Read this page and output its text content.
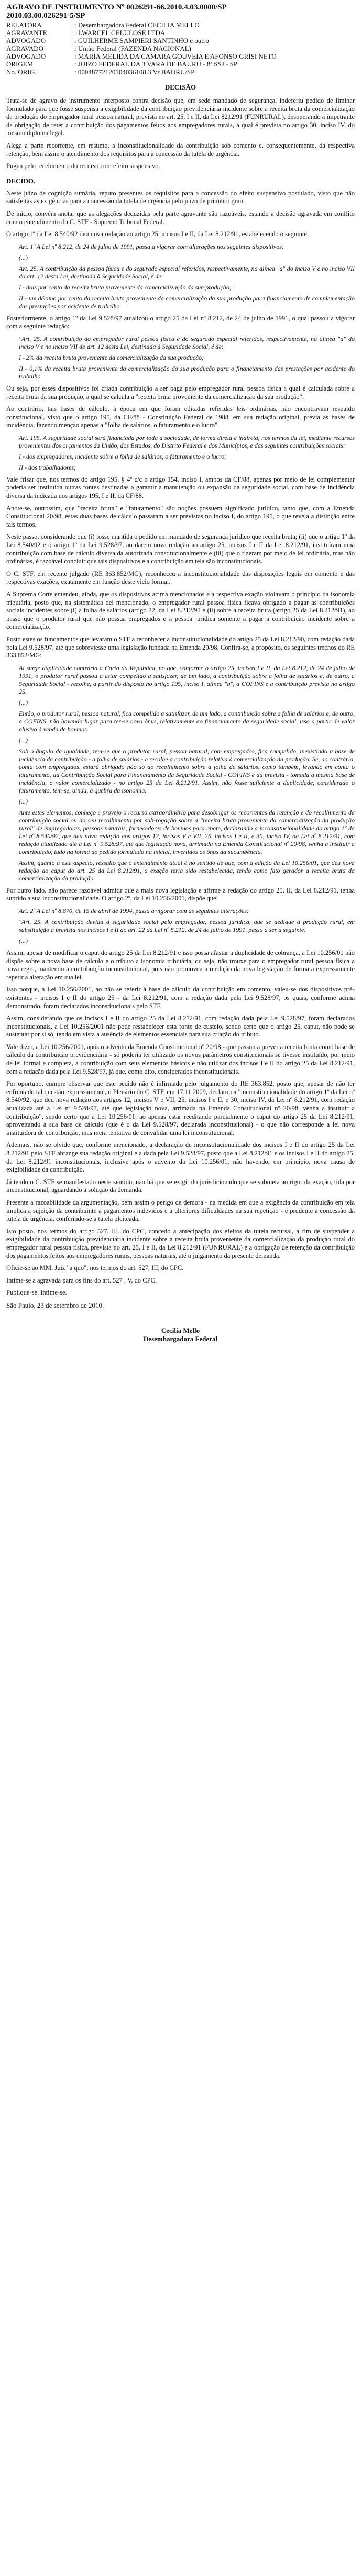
AGRAVO DE INSTRUMENTO Nº 0026291-66.2010.4.03.0000/SP
2010.03.00.026291-5/SP
RELATORA	: Desembargadora Federal CECILIA MELLO
AGRAVANTE	: LWARCEL CELULOSE LTDA
ADVOGADO	: GUILHERME SAMPIERI SANTINHO e outro
AGRAVADO	: União Federal (FAZENDA NACIONAL)
ADVOGADO	: MARIA MELIDA DA CAMARA GOUVEIA E AFONSO GRISI NETO
ORIGEM	: JUIZO FEDERAL DA 3 VARA DE BAURU - 8ª SSJ - SP
No. ORIG.	: 00048772120104036108 3 Vr BAURU/SP
DECISÃO

Trata-se de agravo de instrumento interposto contra decisão que, em sede mandado de segurança, indeferiu pedido de liminar formulado para que fosse suspensa a exigibilidade da contribuição previdenciária incidente sobre a receita bruta da comercialização da produção do empregador rural pessoa natural, prevista no art. 25, I e II, da Lei 8212/91 (FUNRURAL), desonerando a impetrante da obrigação de reter a contribuição dos pagamentos feitos aos empregadores rurais, a qual é prevista no artigo 30, inciso IV, do mesmo diploma legal.

Alega a parte recorrente, em resumo, a inconstitucionalidade da contribuição sob comento e, consequentemente, da respectiva retenção, bem assim o atendimento dos requisitos para a concessão da tutela de urgência.

Pugna pelo recebimento do recurso com efeito suspensivo.

DECIDO.

Neste juízo de cognição sumária, reputo presentes os requisitos para a concessão do efeito suspensivo postulado, visto que não satisfeitas as exigências para a concessão da tutela de urgência pelo juízo de primeiro grau.

De início, convém anotar que as alegações deduzidas pela parte agravante são razoáveis, estando a decisão agravada em conflito com o entendimento do C. STF - Supremo Tribunal Federal.

O artigo 1º da Lei 8.540/92 deu nova redação ao artigo 25, incisos I e II, da Lei 8.212/91, estabelecendo o seguinte:

Art. 1º A Lei nº 8.212, de 24 de julho de 1991, passa a vigorar com alterações nos seguintes dispositivos:

(...)

Art. 25. A contribuição da pessoa física e do segurado especial referidos, respectivamente, na alínea "a" do inciso V e no inciso VII do art. 12 desta Lei, destinada à Seguridade Social, é de:

I - dois por cento da receita bruta proveniente da comercialização da sua produção;

II - um décimo por cento da receita bruta proveniente da comercialização da sua produção para financiamento de complementação das prestações por acidente de trabalho.

Posteriormente, o artigo 1º da Lei 9.528/97 atualizou o artigo 25 da Lei nº 8.212, de 24 de julho de 1991, o qual passou a vigorar com a seguinte redação:

"Art. 25. A contribuição do empregador rural pessoa física e do segurado especial referidos, respectivamente, na alínea "a" do inciso V e no inciso VII do art. 12 desta Lei, destinada à Seguridade Social, é de:

I - 2% da receita bruta proveniente da comercialização da sua produção;

II - 0,1% da receita bruta proveniente da comercialização da sua produção para o financiamento das prestações por acidente do trabalho.

Ou seja, por esses dispositivos foi criada contribuição a ser paga pelo empregador rural pessoa física a qual é calculada sobre a receita bruta da sua produção, a qual se calcula a "receita bruta proveniente da comercialização da sua produção".

Ao contrário, tais bases de cálculo, à época em que foram editadas referidas leis ordinárias, não encontravam respaldo constitucional, visto que o artigo 195, da CF/88 - Constituição Federal de 1988, em sua redação original, previa as bases de incidência, fazendo menção apenas a "folha de salários, o faturamento e o lucro".

Art. 195. A seguridade social será financiada por toda a sociedade, de forma direta e indireta, nos termos da lei, mediante recursos provenientes dos orçamentos da União, dos Estados, do Distrito Federal e dos Municípios, e das seguintes contribuições sociais:

I - dos empregadores, incidente sobre a folha de salários, o faturamento e o lucro;

II - dos trabalhadores;

Vale frisar que, nos termos do artigo 195, § 4º c/c o artigo 154, inciso I, ambos da CF/88, apenas por meio de lei complementar poderia ser instituída outras fontes destinadas a garantir a manutenção ou expansão da seguridade social, com base de incidência diversa da indicada nos artigos 195, I e II, da CF/88.

Anote-se, outrossim, que "receita bruta" e "faturamento" são noções possuem significado jurídico, tanto que, com a Emenda Constitucional 20/98, estas duas bases de cálculo passaram a ser previstas no inciso I, do artigo 195, o que revela a distinção entre tais termos.

Neste passo, considerando que (i) fosse mantida o pedido em mandado de segurança jurídico que receita bruta; (ii) que o artigo 1º da Lei 8.540/92 e o artigo 1º da Lei 9.528/97, ao darem nova redação ao artigo 25, incisos I e II da Lei 8.212/91, instituíram uma contribuição com base de cálculo diversa da autorizada constitucionalmente e (iii) que o fizeram por meio de lei ordinária, mas não ordinárias, é razoável concluir que tais dispositivos e a contribuição em tela são inconstitucionais.

O C. STF, em recente julgado (RE 363.852/MG), reconheceu a inconstitucionalidade das disposições legais em comento e das respectivas exações, exatamente em função deste vício formal.

A Suprema Corte entendeu, ainda, que os dispositivos acima mencionados e a respectiva exação violavam o princípio da isonomia tributária, posto que, na sistemática del mencionado, o empregador rural pessoa física ficava obrigado a pagar as contribuições sociais incidentes sobre (i) a folha de salários (artigo 22, da Lei 8.212/91 e (ii) sobre a receita bruta (artigo 25 da Lei 8.212/91), ao passo que o produtor rural que não possua empregados e a pessoa jurídica somente a pagar a contribuição incidente sobre a comercialização.

Posto estes os fundamentos que levaram o STF a reconhecer a inconstitucionalidade do artigo 25 da Lei 8.212/90, com redação dada pela Lei 9.528/97, até que sobreviesse uma legislação fundada na Emenda 20/98, Confira-se, a propósito, os seguintes trechos do RE 363.852/MG:

Aí surge duplicidade contrária à Carta da República, no que, conforme o artigo 25, incisos I e II, da Lei 8.212, de 24 de julho de 1991, o produtor rural passou a estar compelido a satisfazer, de um lado, a contribuição sobre a folha de salários e, de outro, a Seguridade Social - recolhe, a partir do disposto no artigo 195, inciso I, alínea "b", a COFINS e a contribuição prevista no artigo 25.

(...)

Então, o produtor rural, pessoa natural, fica compelido a satisfazer, de um lado, a contribuição sobre a folha de salários e, de outro, a COFINS, não havendo lugar para ter-se novo ônus, relativamente ao financiamento da seguridade social, isso a partir de valor alusivo à venda de bovinos.

(...)

Sob o ângulo da igualdade, tem-se que o produtor rural, pessoa natural, com empregados, fica compelido, inexistindo a base de incidência da contribuição - a folha de salários - e recolhe a contribuição relativa à comercialização da produção. Se, ao contrário, conta com empregados, estará obrigado não só ao recolhimento sobre a folha de salários, como também, levando em conta o faturamento, da Contribuição Social para Financiamento da Seguridade Social - COFINS e da prevista - tomada a mesma base de incidência, o valor comercializado - no artigo 25 da Lei 8.212/91. Assim, não fosse suficiente a duplicidade, considerado o faturamento, tem-se, ainda, a quebra da isonomia.

(...)

Ante estes elementos, conheço e provejo o recurso extraordinário para desobrigar os recorrentes da retenção e do recolhimento da contribuição social ou do seu recolhimento por sub-rogação sobre a "receita bruta proveniente da comercialização da produção rural" de empregadores, pessoas naturais, fornecedores de bovinos para abate, declarando a inconstitucionalidade do artigo 1º da Lei nº 8.540/92, que deu nova redação aos artigos 12, incisos V e VII, 25, incisos I e II, e 30, inciso IV, da Lei nº 8.212/91, com redação atualizada até a Lei nº 9.528/97, até que legislação nova, arrimada na Emenda Constitucional nº 20/98, venha a instituir a contribuição, tudo na forma do pedido formulado na inicial, invertidos os ônus da sucumbência.

Assim, quanto a este aspecto, ressalto que o entendimento atual é no sentido de que, com a edição da Lei 10.256/01, que deu nova redação ao caput do art. 25 da Lei 8.212/91, a exação teria sido restabelecida, tendo como fato gerador a receita bruta da comercialização da produção.

Por outro lado, não parece razoável admitir que a mais nova legislação e afirme a redação do artigo 25, II, da Lei 8.212/91, tenha suprido a sua inconstitucionalidade. O artigo 2º, da Lei 10.256/2001, dispõe que:

Art. 2º A Lei nº 8.870, de 15 de abril de 1994, passa a vigorar com as seguintes alterações:

"Art. 25. A contribuição devida à seguridade social pelo empregador, pessoa jurídica, que se dedique à produção rural, em substituição à prevista nos incisos I e II do art. 22 da Lei nº 8.212, de 24 de julho de 1991, passa a ser a seguinte:

(...)

Assim, apesar de modificar o caput do artigo 25 da Lei 8.212/91 e isso possa afastar a duplicidade de cobrança, a Lei 10.256/01 não dispõe sobre a nova base de cálculo e o tributo a isonomia tributária, ou seja, não trouxe para o empregador rural pessoa física a nova regra, mantendo a contribuição inconstitucional, pois não promoveu a reedição da nova legislação de forma a expressamente repetir a alteração em sua lei.

Isso porque, a Lei 10.256/2001, ao não se referir à base de cálculo da contribuição em comento, valeu-se dos dispositivos pré-existentes - incisos I e II do artigo 25 - da Lei 8.212/91, com a redação dada pela Lei 9.528/97, os quais, conforme acima demonstrado, foram declarados inconstitucionais pelo STF.

Assim, considerando que os incisos I e II do artigo 25 da Lei 8.212/91, com redação dada pela Lei 9.528/97, foram declarados inconstitucionais, a Lei 10.256/2001 não pode restabelecer esta fonte de custeio, sendo certo que o artigo 25, caput, não pode se sustentar por si só, tendo em vista a ausência de elementos essenciais para sua criação do tributo.

Vale dizer, a Lei 10.256/2001, após o advento da Emenda Constitucional nº 20/98 - que passou a prever a receita bruta como base de cálculo da contribuição previdenciária - só poderia ter utilizado os novos parâmetros constitucionais se tivesse instituído, por meio de lei formal e completa, a contribuição com seus elementos básicos e não utilizar dos incisos I e II do artigo 25 da Lei 8.212/91, com a redação dada pela Lei 9.528/97, já que, como dito, considerados inconstitucionais.

Por oportuno, cumpre observar que este pedido não é infirmado pelo julgamento do RE 363.852, posto que, apesar de não ter enfrentado tal questão expressamente, o Plenário do C. STF, em 17.11.2009, declarou a "inconstitucionalidade do artigo 1º da Lei nº 8.540/92, que deu nova redação aos artigos 12, incisos V e VII, 25, incisos I e II, e 30, inciso IV, da Lei nº 8.212/91, com redação atualizada até a Lei nº 9.528/97, até que legislação nova, arrimada na Emenda Constitucional nº 20/98, venha a instituir a contribuição", sendo certo que a Lei 10.256/01, ao apenas estar reeditando parcialmente o caput do artigo 25 da Lei 8.212/91, aproveitando a sua base de cálculo (que é o da Lei 9.528/97, declarada inconstitucional) - o que não corresponde a lei nova instituidora de contribuição, mas mera tentativa de convalidar uma lei inconstitucional.

Ademais, não se olvide que, conforme mencionado, a declaração de inconstitucionalidade dos incisos I e II do artigo 25 da Lei 8.212/91 pelo STF abrange sua redação original e a dada pela Lei 9.528/97, posto que a Lei 8.212/91 e os incisos I e II do artigo 25, da Lei 8.212/91 inconstitucionais, inclusive após o advento da Lei 10.256/01, não havendo, em princípio, nova causa de exigibilidade da contribuição.

Já tendo o C. STF se manifestado neste sentido, não há que se exigir do jurisdicionado que se submeta ao rigor da exação, tida por inconstitucional, aguardando a solução da demanda.

Presente a razoabilidade da argumentação, bem assim o perigo de demora - na medida em que a exigência da contribuição em tela implica a sujeição da contribuinte a pagamentos indevidos e a ulteriores dificuldades na sua repetição - é prudente a concessão da tutela de urgência, conferindo-se a tutela pleiteada.

Isto posto, nos termos do artigo 527, III, do CPC, concedo a antecipação dos efeitos da tutela recursal, a fim de suspender a exigibilidade da contribuição previdenciária incidente sobre a receita bruta proveniente da comercialização da produção rural do empregador rural pessoa física, prevista no art. 25, I e II, da Lei 8.212/91 (FUNRURAL) e a obrigação de retenção da contribuição dos pagamentos feitos aos empregadores rurais, pessoas naturais, até o julgamento da presente demanda.

Oficie-se ao MM. Juiz "a quo", nos termos do art. 527, III, do CPC.

Intime-se a agravada para os fins do art. 527 , V, do CPC.

Publique-se. Intime-se.

São Paulo, 23 de setembro de 2010.
Cecilia Mello
Desembargadora Federal
